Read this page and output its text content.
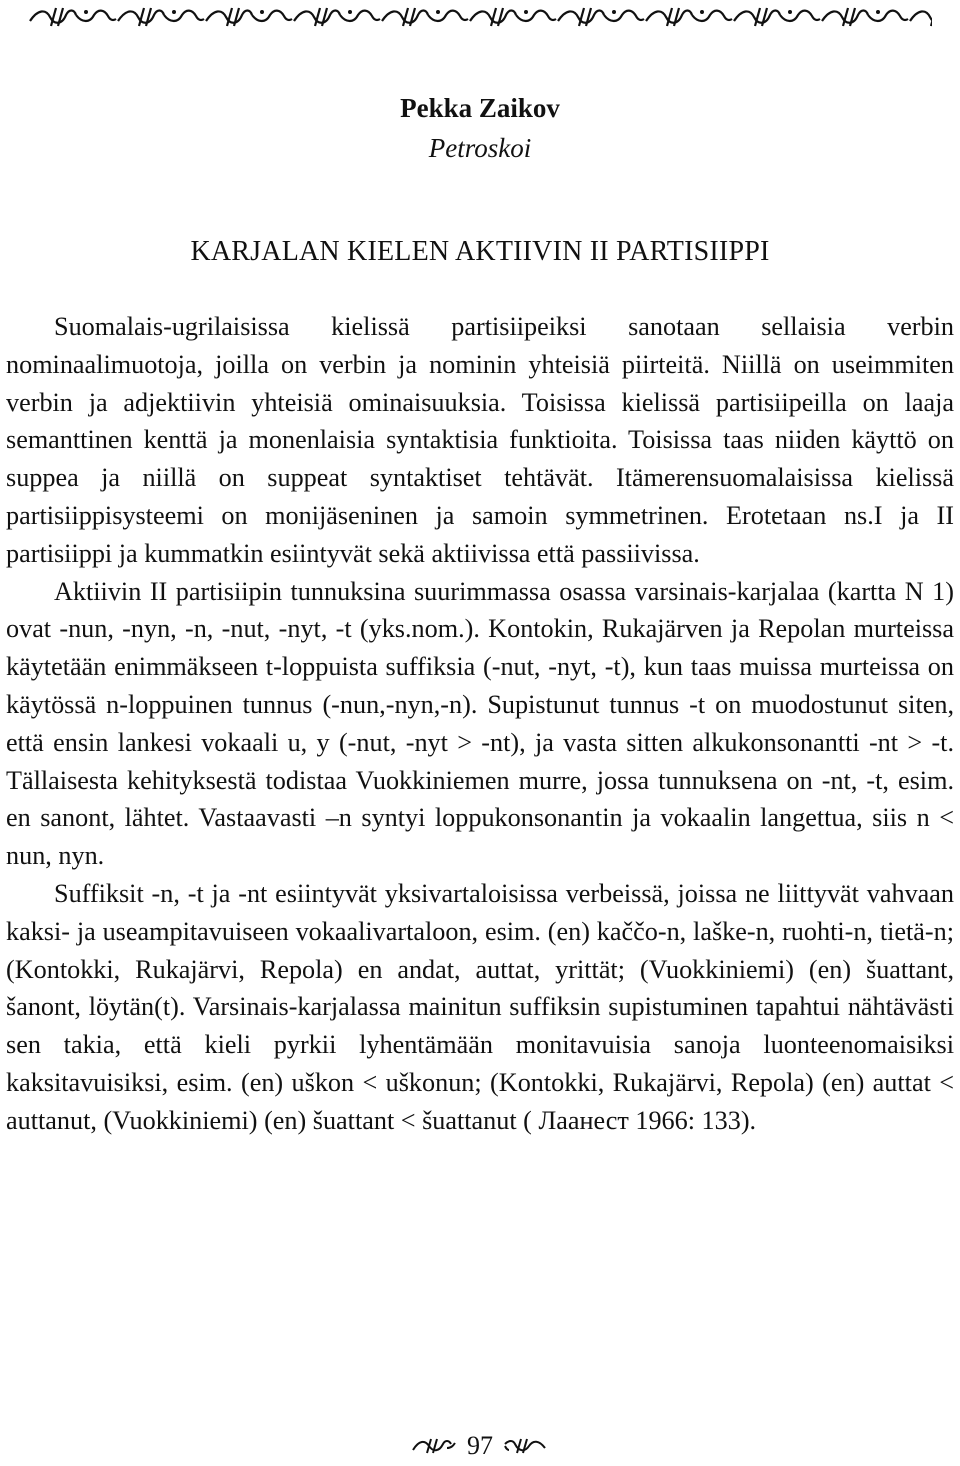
Pekka Zaikov
Petroskoi
KARJALAN KIELEN AKTIIVIN II PARTISIIPPI

Suomalais-ugrilaisissa kielissä partisiipeiksi sanotaan sellaisia verbin nominaalimuotoja, joilla on verbin ja nominin yhteisiä piirteitä. Niillä on useimmiten verbin ja adjektiivin yhteisiä ominaisuuksia. Toisissa kielissä partisiipeilla on laaja semanttinen kenttä ja monenlaisia syntaktisia funktioita. Toisissa taas niiden käyttö on suppea ja niillä on suppeat syntaktiset tehtävät. Itämerensuomalaisissa kielissä partisiippisysteemi on monijäseninen ja samoin symmetrinen. Erotetaan ns.I ja II partisiippi ja kummatkin esiintyvät sekä aktiivissa että passiivissa.

Aktiivin II partisiipin tunnuksina suurimmassa osassa varsinais-karjalaa (kartta N 1) ovat -nun, -nyn, -n, -nut, -nyt, -t (yks.nom.). Kontokin, Rukajärven ja Repolan murteissa käytetään enimmäkseen t-loppuista suffiksia (-nut, -nyt, -t), kun taas muissa murteissa on käytössä n-loppuinen tunnus (-nun,-nyn,-n). Supistunut tunnus -t on muodostunut siten, että ensin lankesi vokaali u, y (-nut, -nyt > -nt), ja vasta sitten alkukonsonantti -nt > -t. Tällaisesta kehityksestä todistaa Vuokkiniemen murre, jossa tunnuksena on -nt, -t, esim. en sanont, lähtet. Vastaavasti –n syntyi loppukonsonantin ja vokaalin langettua, siis n < nun, nyn.

Suffiksit -n, -t ja -nt esiintyvät yksivartaloisissa verbeissä, joissa ne liittyvät vahvaan kaksi- ja useampitavuiseen vokaalivartaloon, esim. (en) kaččo-n, laške-n, ruohti-n, tietä-n; (Kontokki, Rukajärvi, Repola) en andat, auttat, yrittät; (Vuokkiniemi) (en) šuattant, šanont, löytän(t). Varsinais-karjalassa mainitun suffiksin supistuminen tapahtui nähtävästi sen takia, että kieli pyrkii lyhentämään monitavuisia sanoja luonteenomaisiksi kaksitavuisiksi, esim. (en) uškon < uškonun; (Kontokki, Rukajärvi, Repola) (en) auttat < auttanut, (Vuokkiniemi) (en) šuattant < šuattanut ( Лаанест 1966: 133).

97
